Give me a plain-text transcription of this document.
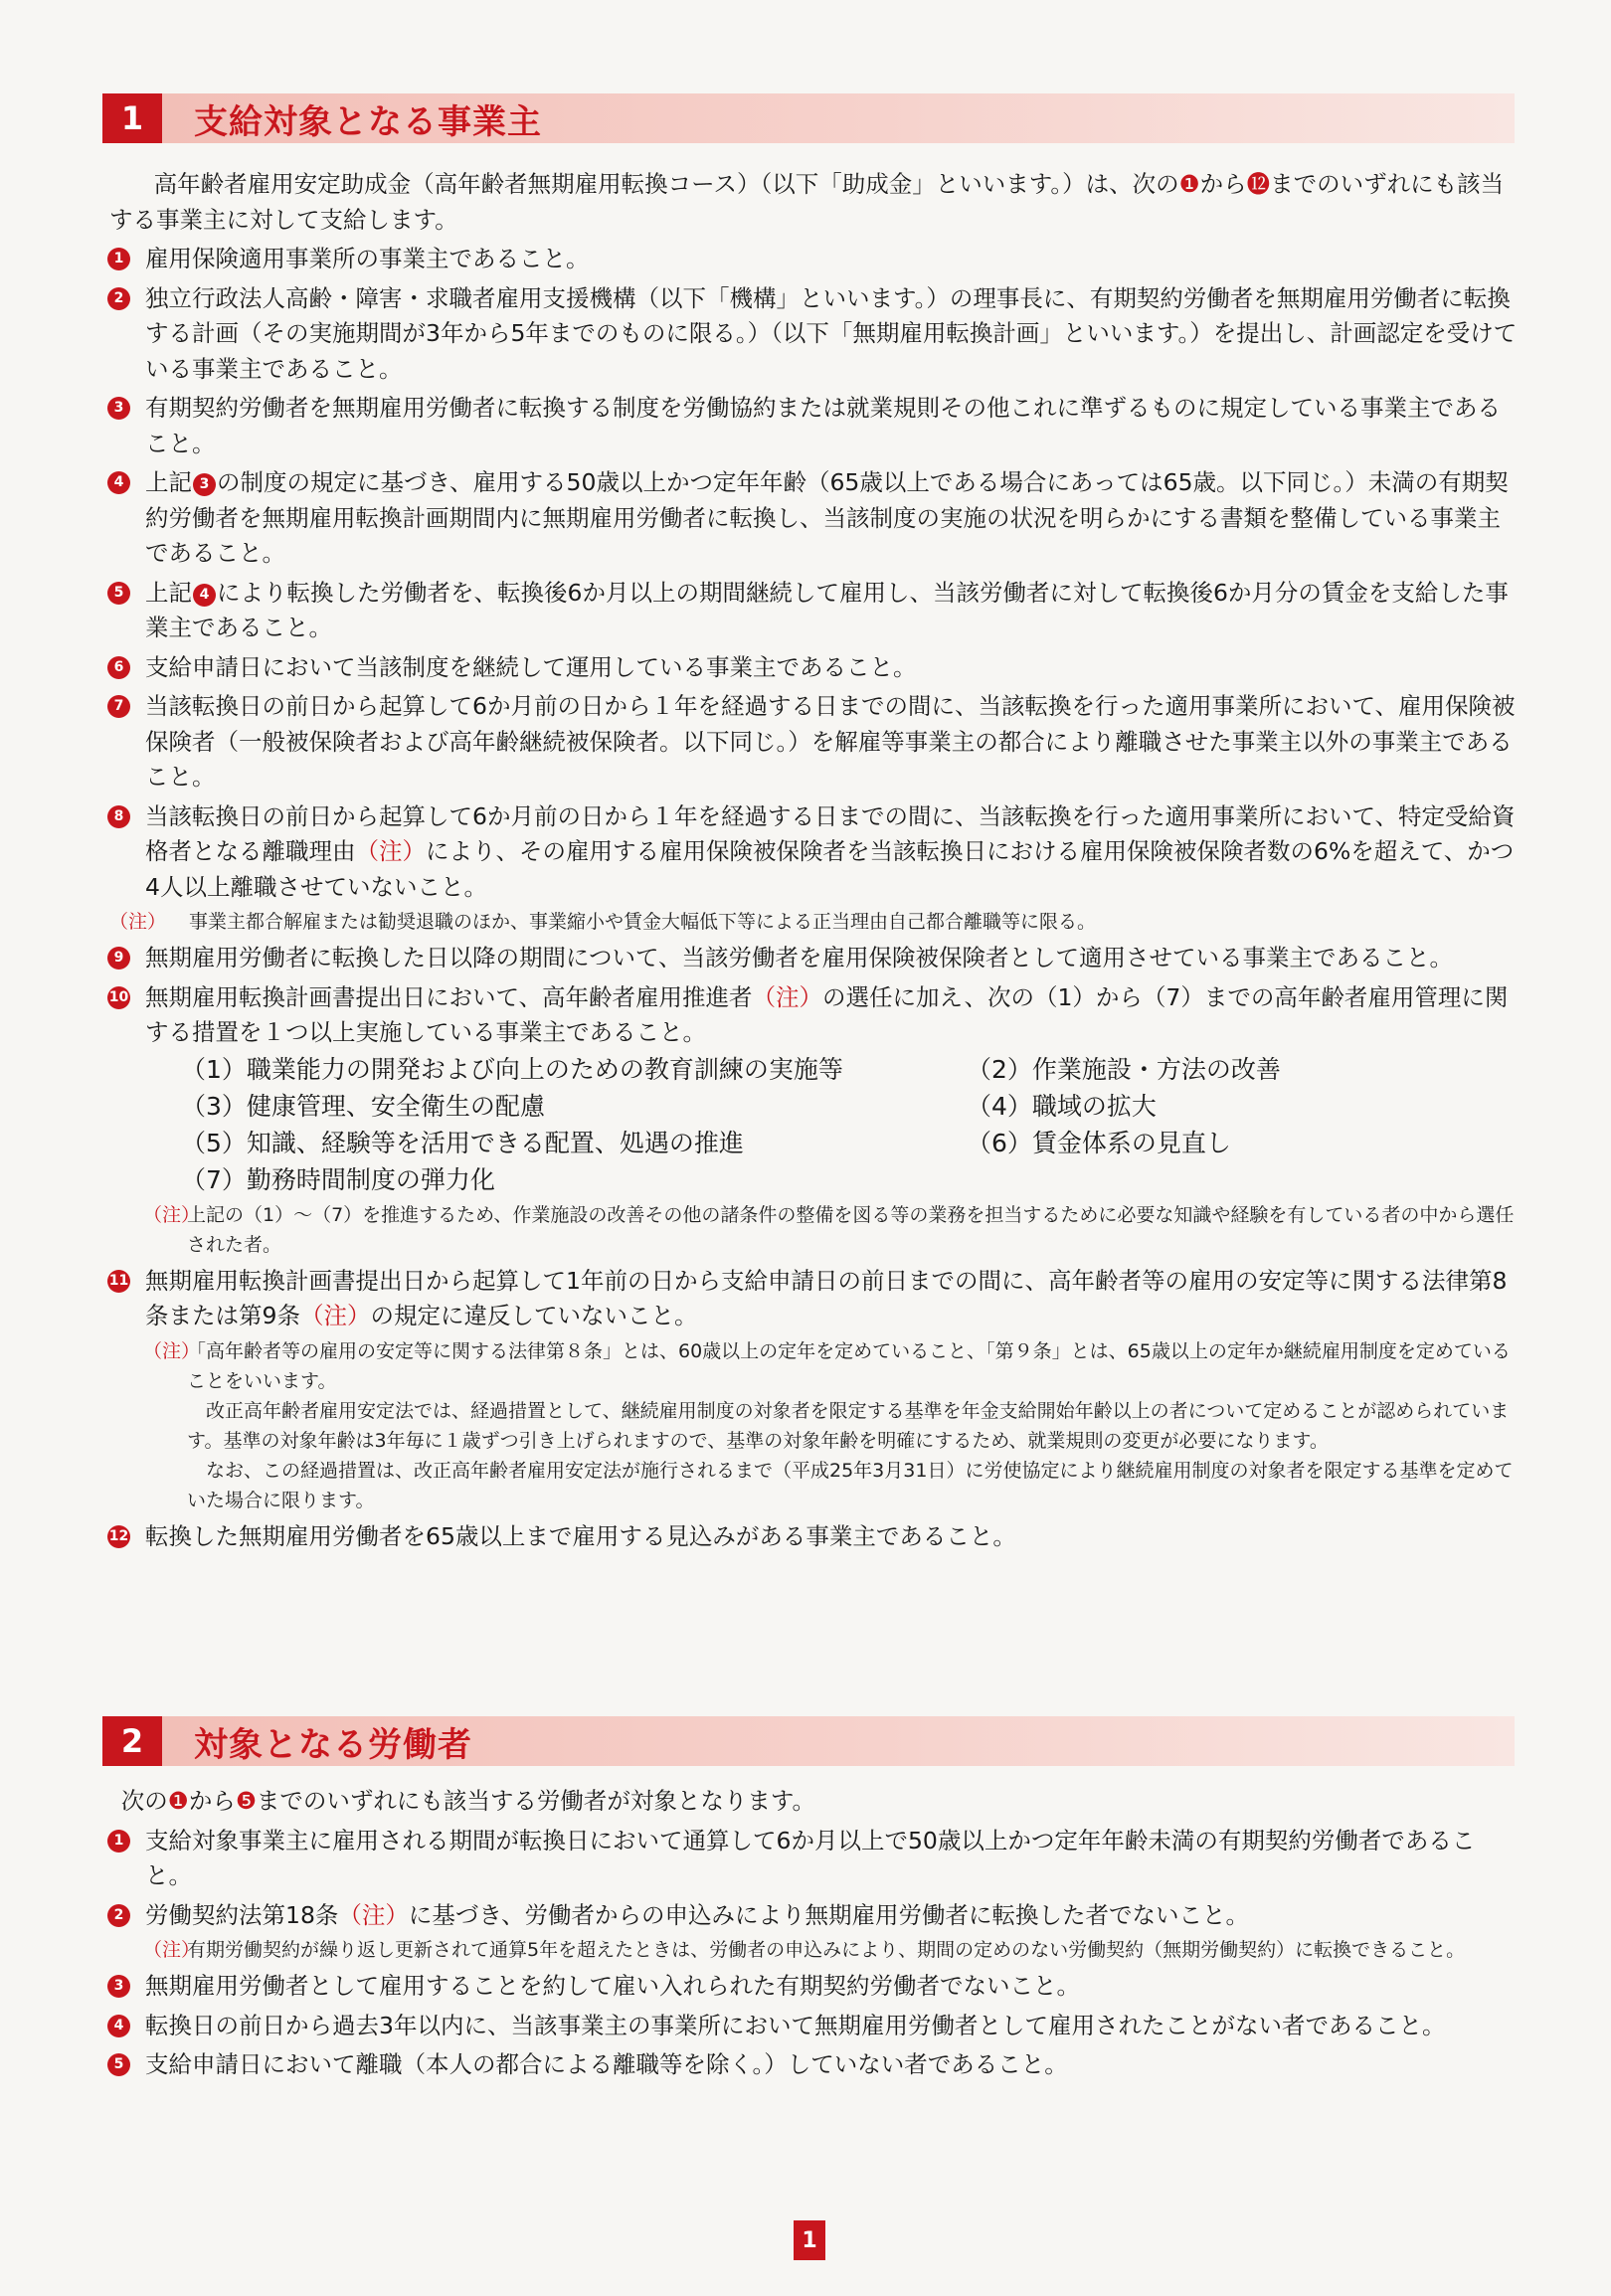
1	支給対象となる事業主

高年齢者雇用安定助成金（高年齢者無期雇用転換コース）（以下「助成金」といいます。）は、次の❶から⓬までのいずれにも該当する事業主に対して支給します。

1 雇用保険適用事業所の事業主であること。
2 独立行政法人高齢・障害・求職者雇用支援機構（以下「機構」といいます。）の理事長に、有期契約労働者を無期雇用労働者に転換する計画（その実施期間が3年から5年までのものに限る。）（以下「無期雇用転換計画」といいます。）を提出し、計画認定を受けている事業主であること。
3 有期契約労働者を無期雇用労働者に転換する制度を労働協約または就業規則その他これに準ずるものに規定している事業主であること。
4 上記 3 の制度の規定に基づき、雇用する50歳以上かつ定年年齢（65歳以上である場合にあっては65歳。以下同じ。）未満の有期契約労働者を無期雇用転換計画期間内に無期雇用労働者に転換し、当該制度の実施の状況を明らかにする書類を整備している事業主であること。
5 上記 4 により転換した労働者を、転換後6か月以上の期間継続して雇用し、当該労働者に対して転換後6か月分の賃金を支給した事業主であること。
6 支給申請日において当該制度を継続して運用している事業主であること。
7 当該転換日の前日から起算して6か月前の日から１年を経過する日までの間に、当該転換を行った適用事業所において、雇用保険被保険者（一般被保険者および高年齢継続被保険者。以下同じ。）を解雇等事業主の都合により離職させた事業主以外の事業主であること。
8 当該転換日の前日から起算して6か月前の日から１年を経過する日までの間に、当該転換を行った適用事業所において、特定受給資格者となる離職理由（注）により、その雇用する雇用保険被保険者を当該転換日における雇用保険被保険者数の6%を超えて、かつ4人以上離職させていないこと。
（注） 事業主都合解雇または勧奨退職のほか、事業縮小や賃金大幅低下等による正当理由自己都合離職等に限る。
9 無期雇用労働者に転換した日以降の期間について、当該労働者を雇用保険被保険者として適用させている事業主であること。
10 無期雇用転換計画書提出日において、高年齢者雇用推進者（注）の選任に加え、次の（1）から（7）までの高年齢者雇用管理に関する措置を１つ以上実施している事業主であること。
（1）職業能力の開発および向上のための教育訓練の実施等	（2）作業施設・方法の改善
（3）健康管理、安全衛生の配慮	（4）職域の拡大
（5）知識、経験等を活用できる配置、処遇の推進	（6）賃金体系の見直し
（7）勤務時間制度の弾力化
（注）

上記の（1）〜（7）を推進するため、作業施設の改善その他の諸条件の整備を図る等の業務を担当するために必要な知識や経験を有している者の中から選任された者。

11 無期雇用転換計画書提出日から起算して1年前の日から支給申請日の前日までの間に、高年齢者等の雇用の安定等に関する法律第8条または第9条（注）の規定に違反していないこと。
（注）

「高年齢者等の雇用の安定等に関する法律第８条」とは、60歳以上の定年を定めていること、「第９条」とは、65歳以上の定年か継続雇用制度を定めていることをいいます。

改正高年齢者雇用安定法では、経過措置として、継続雇用制度の対象者を限定する基準を年金支給開始年齢以上の者について定めることが認められています。基準の対象年齢は3年毎に１歳ずつ引き上げられますので、基準の対象年齢を明確にするため、就業規則の変更が必要になります。

なお、この経過措置は、改正高年齢者雇用安定法が施行されるまで（平成25年3月31日）に労使協定により継続雇用制度の対象者を限定する基準を定めていた場合に限ります。

12 転換した無期雇用労働者を65歳以上まで雇用する見込みがある事業主であること。
2	対象となる労働者

次の❶から❺までのいずれにも該当する労働者が対象となります。

1 支給対象事業主に雇用される期間が転換日において通算して6か月以上で50歳以上かつ定年年齢未満の有期契約労働者であること。
2 労働契約法第18条（注）に基づき、労働者からの申込みにより無期雇用労働者に転換した者でないこと。
（注）

有期労働契約が繰り返し更新されて通算5年を超えたときは、労働者の申込みにより、期間の定めのない労働契約（無期労働契約）に転換できること。

3 無期雇用労働者として雇用することを約して雇い入れられた有期契約労働者でないこと。
4 転換日の前日から過去3年以内に、当該事業主の事業所において無期雇用労働者として雇用されたことがない者であること。
5 支給申請日において離職（本人の都合による離職等を除く。）していない者であること。
1
